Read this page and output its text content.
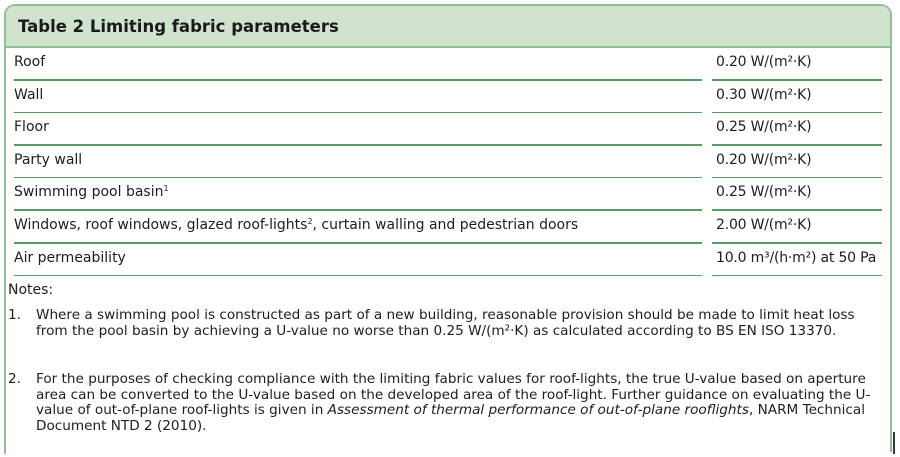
Table 2 Limiting fabric parameters
Roof	0.20 W/(m²·K)
Wall	0.30 W/(m²·K)
Floor	0.25 W/(m²·K)
Party wall	0.20 W/(m²·K)
Swimming pool basin$^1$	0.25 W/(m²·K)
Windows, roof windows, glazed roof-lights$^2$, curtain walling and pedestrian doors	2.00 W/(m²·K)
Air permeability	10.0 m³/(h·m²) at 50 Pa
Notes:
1. Where a swimming pool is constructed as part of a new building, reasonable provision should be made to limit heat loss from the pool basin by achieving a U-value no worse than 0.25 W/(m²·K) as calculated according to BS EN ISO 13370.
2. For the purposes of checking compliance with the limiting fabric values for roof-lights, the true U-value based on aperture area can be converted to the U-value based on the developed area of the roof-light. Further guidance on evaluating the U-value of out-of-plane roof-lights is given in Assessment of thermal performance of out-of-plane rooflights, NARM Technical Document NTD 2 (2010).
